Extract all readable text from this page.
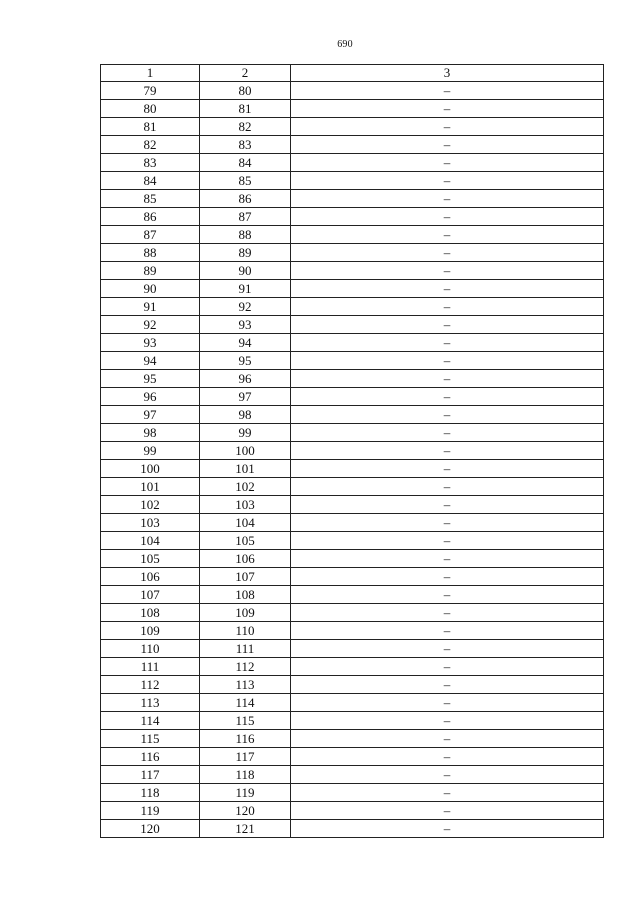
690
1	2	3
79	80	–
80	81	–
81	82	–
82	83	–
83	84	–
84	85	–
85	86	–
86	87	–
87	88	–
88	89	–
89	90	–
90	91	–
91	92	–
92	93	–
93	94	–
94	95	–
95	96	–
96	97	–
97	98	–
98	99	–
99	100	–
100	101	–
101	102	–
102	103	–
103	104	–
104	105	–
105	106	–
106	107	–
107	108	–
108	109	–
109	110	–
110	111	–
111	112	–
112	113	–
113	114	–
114	115	–
115	116	–
116	117	–
117	118	–
118	119	–
119	120	–
120	121	–
